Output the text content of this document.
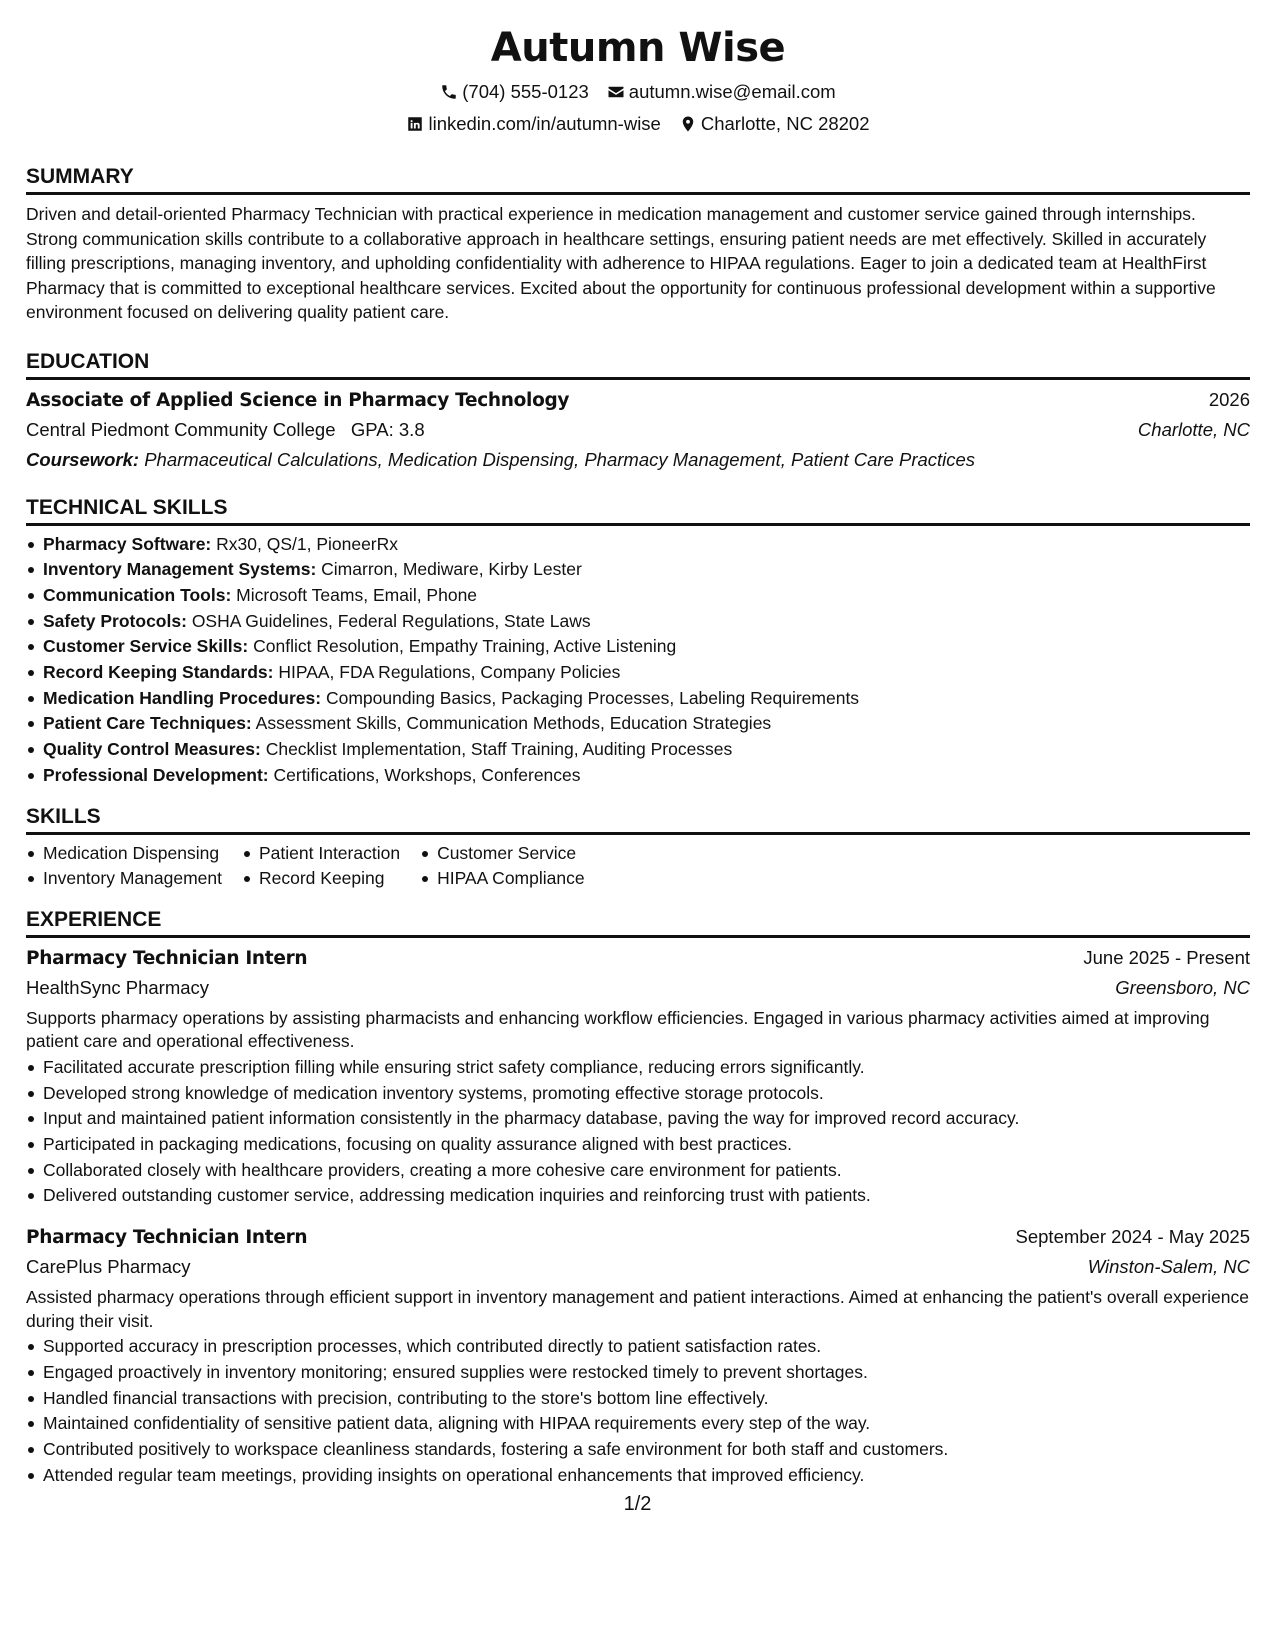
Autumn Wise
(704) 555-0123 autumn.wise@email.com
linkedin.com/in/autumn-wise Charlotte, NC 28202
SUMMARY
Driven and detail-oriented Pharmacy Technician with practical experience in medication management and customer service gained through internships. Strong communication skills contribute to a collaborative approach in healthcare settings, ensuring patient needs are met effectively. Skilled in accurately filling prescriptions, managing inventory, and upholding confidentiality with adherence to HIPAA regulations. Eager to join a dedicated team at HealthFirst Pharmacy that is committed to exceptional healthcare services. Excited about the opportunity for continuous professional development within a supportive environment focused on delivering quality patient care.
EDUCATION
Associate of Applied Science in Pharmacy Technology	2026
Central Piedmont Community College GPA: 3.8	Charlotte, NC
Coursework: Pharmaceutical Calculations, Medication Dispensing, Pharmacy Management, Patient Care Practices
TECHNICAL SKILLS
Pharmacy Software: Rx30, QS/1, PioneerRx
Inventory Management Systems: Cimarron, Mediware, Kirby Lester
Communication Tools: Microsoft Teams, Email, Phone
Safety Protocols: OSHA Guidelines, Federal Regulations, State Laws
Customer Service Skills: Conflict Resolution, Empathy Training, Active Listening
Record Keeping Standards: HIPAA, FDA Regulations, Company Policies
Medication Handling Procedures: Compounding Basics, Packaging Processes, Labeling Requirements
Patient Care Techniques: Assessment Skills, Communication Methods, Education Strategies
Quality Control Measures: Checklist Implementation, Staff Training, Auditing Processes
Professional Development: Certifications, Workshops, Conferences
SKILLS
Medication Dispensing
Inventory Management
Patient Interaction
Record Keeping
Customer Service
HIPAA Compliance
EXPERIENCE
Pharmacy Technician Intern	June 2025 - Present
HealthSync Pharmacy	Greensboro, NC
Supports pharmacy operations by assisting pharmacists and enhancing workflow efficiencies. Engaged in various pharmacy activities aimed at improving patient care and operational effectiveness.
Facilitated accurate prescription filling while ensuring strict safety compliance, reducing errors significantly.
Developed strong knowledge of medication inventory systems, promoting effective storage protocols.
Input and maintained patient information consistently in the pharmacy database, paving the way for improved record accuracy.
Participated in packaging medications, focusing on quality assurance aligned with best practices.
Collaborated closely with healthcare providers, creating a more cohesive care environment for patients.
Delivered outstanding customer service, addressing medication inquiries and reinforcing trust with patients.
Pharmacy Technician Intern	September 2024 - May 2025
CarePlus Pharmacy	Winston-Salem, NC
Assisted pharmacy operations through efficient support in inventory management and patient interactions. Aimed at enhancing the patient's overall experience during their visit.
Supported accuracy in prescription processes, which contributed directly to patient satisfaction rates.
Engaged proactively in inventory monitoring; ensured supplies were restocked timely to prevent shortages.
Handled financial transactions with precision, contributing to the store's bottom line effectively.
Maintained confidentiality of sensitive patient data, aligning with HIPAA requirements every step of the way.
Contributed positively to workspace cleanliness standards, fostering a safe environment for both staff and customers.
Attended regular team meetings, providing insights on operational enhancements that improved efficiency.
1/2
